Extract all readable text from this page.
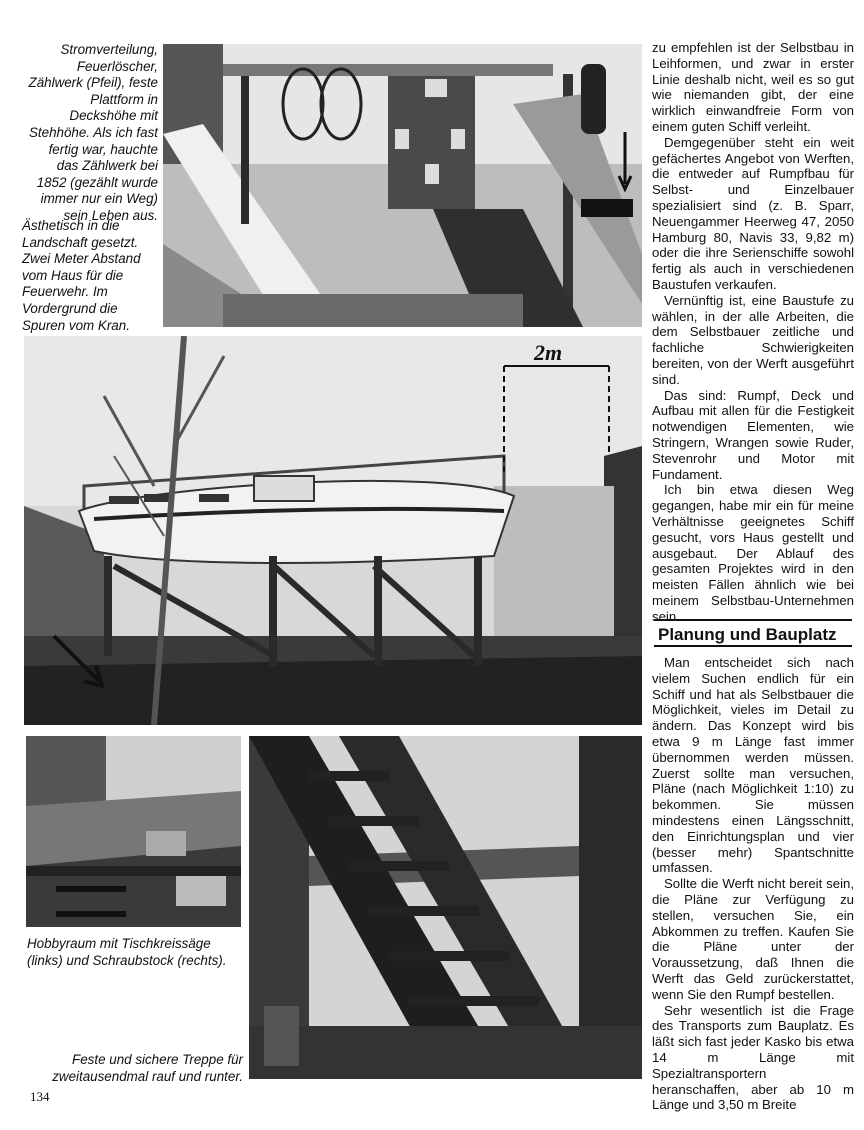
Stromverteilung, Feuerlöscher, Zählwerk (Pfeil), feste Plattform in Deckshöhe mit Stehhöhe. Als ich fast fertig war, hauchte das Zählwerk bei 1852 (gezählt wurde immer nur ein Weg) sein Leben aus.

Ästhetisch in die Landschaft gesetzt. Zwei Meter Abstand vom Haus für die Feuerwehr. Im Vordergrund die Spuren vom Kran.

2m

Hobbyraum mit Tischkreissäge (links) und Schraubstock (rechts).

Feste und sichere Treppe für zweitausendmal rauf und runter.

zu empfehlen ist der Selbstbau in Leihformen, und zwar in erster Linie deshalb nicht, weil es so gut wie niemanden gibt, der eine wirklich einwandfreie Form von einem guten Schiff verleiht.

Demgegenüber steht ein weit gefächertes Angebot von Werften, die entweder auf Rumpfbau für Selbst- und Einzelbauer spezialisiert sind (z. B. Sparr, Neuengammer Heerweg 47, 2050 Hamburg 80, Navis 33, 9,82 m) oder die ihre Serienschiffe sowohl fertig als auch in verschiedenen Baustufen verkaufen.

Vernünftig ist, eine Baustufe zu wählen, in der alle Arbeiten, die dem Selbstbauer zeitliche und fachliche Schwierigkeiten bereiten, von der Werft ausgeführt sind.

Das sind: Rumpf, Deck und Aufbau mit allen für die Festigkeit notwendigen Elementen, wie Stringern, Wrangen sowie Ruder, Stevenrohr und Motor mit Fundament.

Ich bin etwa diesen Weg gegangen, habe mir ein für meine Verhältnisse geeignetes Schiff gesucht, vors Haus gestellt und ausgebaut. Der Ablauf des gesamten Projektes wird in den meisten Fällen ähnlich wie bei meinem Selbstbau-Unternehmen sein.

Planung und Bauplatz

Man entscheidet sich nach vielem Suchen endlich für ein Schiff und hat als Selbstbauer die Möglichkeit, vieles im Detail zu ändern. Das Konzept wird bis etwa 9 m Länge fast immer übernommen werden müssen. Zuerst sollte man versuchen, Pläne (nach Möglichkeit 1:10) zu bekommen. Sie müssen mindestens einen Längsschnitt, den Einrichtungsplan und vier (besser mehr) Spantschnitte umfassen.

Sollte die Werft nicht bereit sein, die Pläne zur Verfügung zu stellen, versuchen Sie, ein Abkommen zu treffen. Kaufen Sie die Pläne unter der Voraussetzung, daß Ihnen die Werft das Geld zurückerstattet, wenn Sie den Rumpf bestellen.

Sehr wesentlich ist die Frage des Transports zum Bauplatz. Es läßt sich fast jeder Kasko bis etwa 14 m Länge mit Spezialtransportern heranschaffen, aber ab 10 m Länge und 3,50 m Breite

134
